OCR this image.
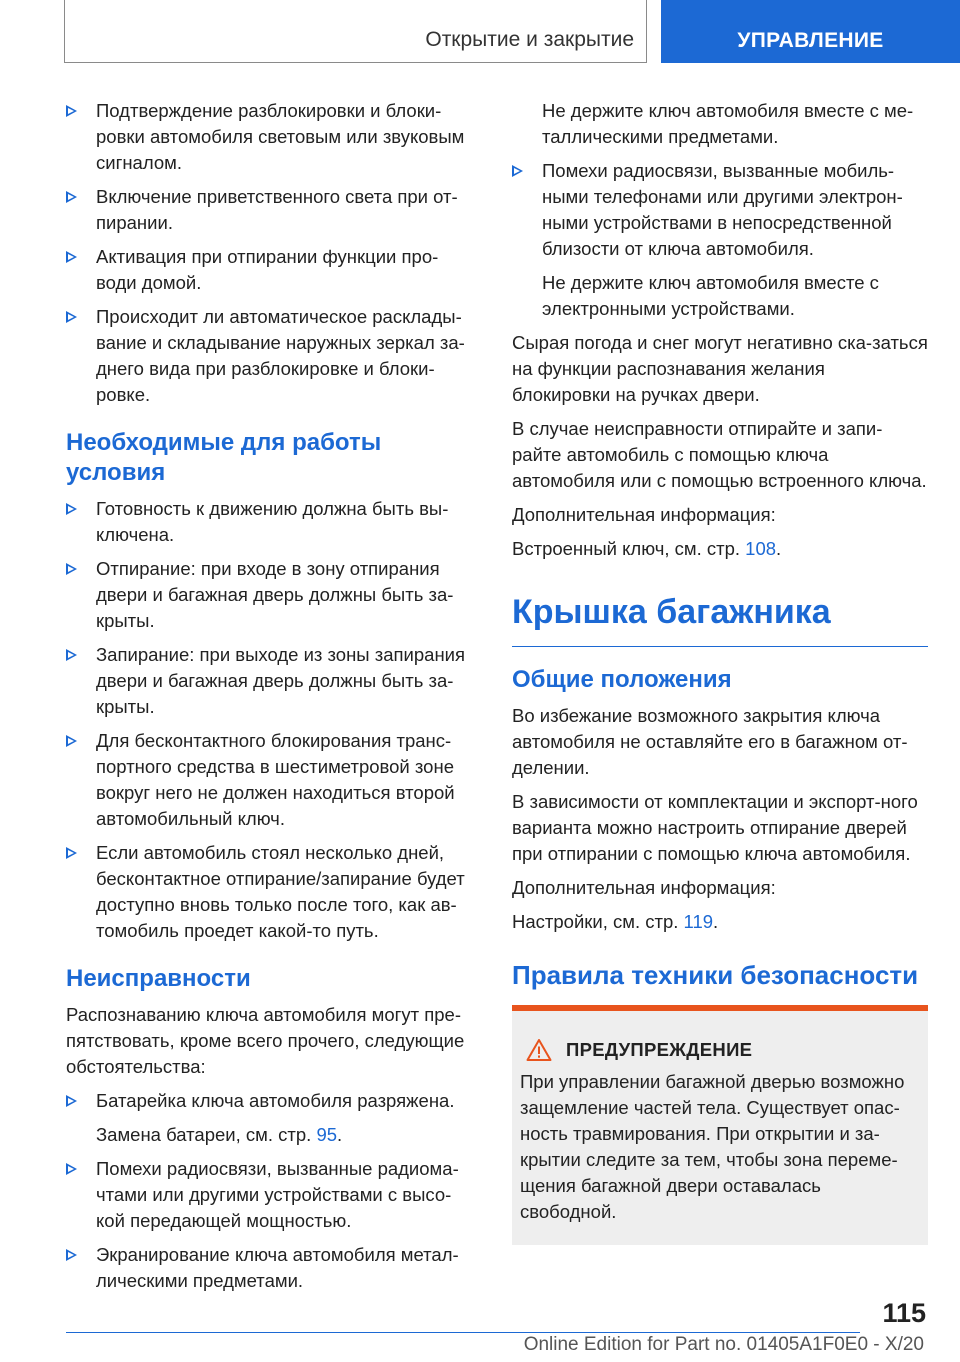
Открытие и закрытие	УПРАВЛЕНИЕ
Подтверждение разблокировки и блоки-ровки автомобиля световым или звуковым сигналом.
Включение приветственного света при от-пирании.
Активация при отпирании функции про-води домой.
Происходит ли автоматическое расклады-вание и складывание наружных зеркал за-днего вида при разблокировке и блоки-ровке.
Необходимые для работы условия
Готовность к движению должна быть вы-ключена.
Отпирание: при входе в зону отпирания двери и багажная дверь должны быть за-крыты.
Запирание: при выходе из зоны запирания двери и багажная дверь должны быть за-крыты.
Для бесконтактного блокирования транс-портного средства в шестиметровой зоне вокруг него не должен находиться второй автомобильный ключ.
Если автомобиль стоял несколько дней, бесконтактное отпирание/запирание будет доступно вновь только после того, как ав-томобиль проедет какой-то путь.
Неисправности

Распознаванию ключа автомобиля могут пре-пятствовать, кроме всего прочего, следующие обстоятельства:

Батарейка ключа автомобиля разряжена.
Замена батареи, см. стр. 95.
Помехи радиосвязи, вызванные радиома-чтами или другими устройствами с высо-кой передающей мощностью.
Экранирование ключа автомобиля метал-лическими предметами.
Не держите ключ автомобиля вместе с ме-таллическими предметами.
Помехи радиосвязи, вызванные мобиль-ными телефонами или другими электрон-ными устройствами в непосредственной близости от ключа автомобиля.
Не держите ключ автомобиля вместе с электронными устройствами.

Сырая погода и снег могут негативно ска-заться на функции распознавания желания блокировки на ручках двери.

В случае неисправности отпирайте и запи-райте автомобиль с помощью ключа автомобиля или с помощью встроенного ключа.

Дополнительная информация:

Встроенный ключ, см. стр. 108.

Крышка багажника
Общие положения

Во избежание возможного закрытия ключа автомобиля не оставляйте его в багажном от-делении.

В зависимости от комплектации и экспорт-ного варианта можно настроить отпирание дверей при отпирании с помощью ключа автомобиля.

Дополнительная информация:

Настройки, см. стр. 119.

Правила техники безопасности
ПРЕДУПРЕЖДЕНИЕ

При управлении багажной дверью возможно защемление частей тела. Существует опас-ность травмирования. При открытии и за-крытии следите за тем, чтобы зона переме-щения багажной двери оставалась свободной.

115
Online Edition for Part no. 01405A1F0E0 - X/20
